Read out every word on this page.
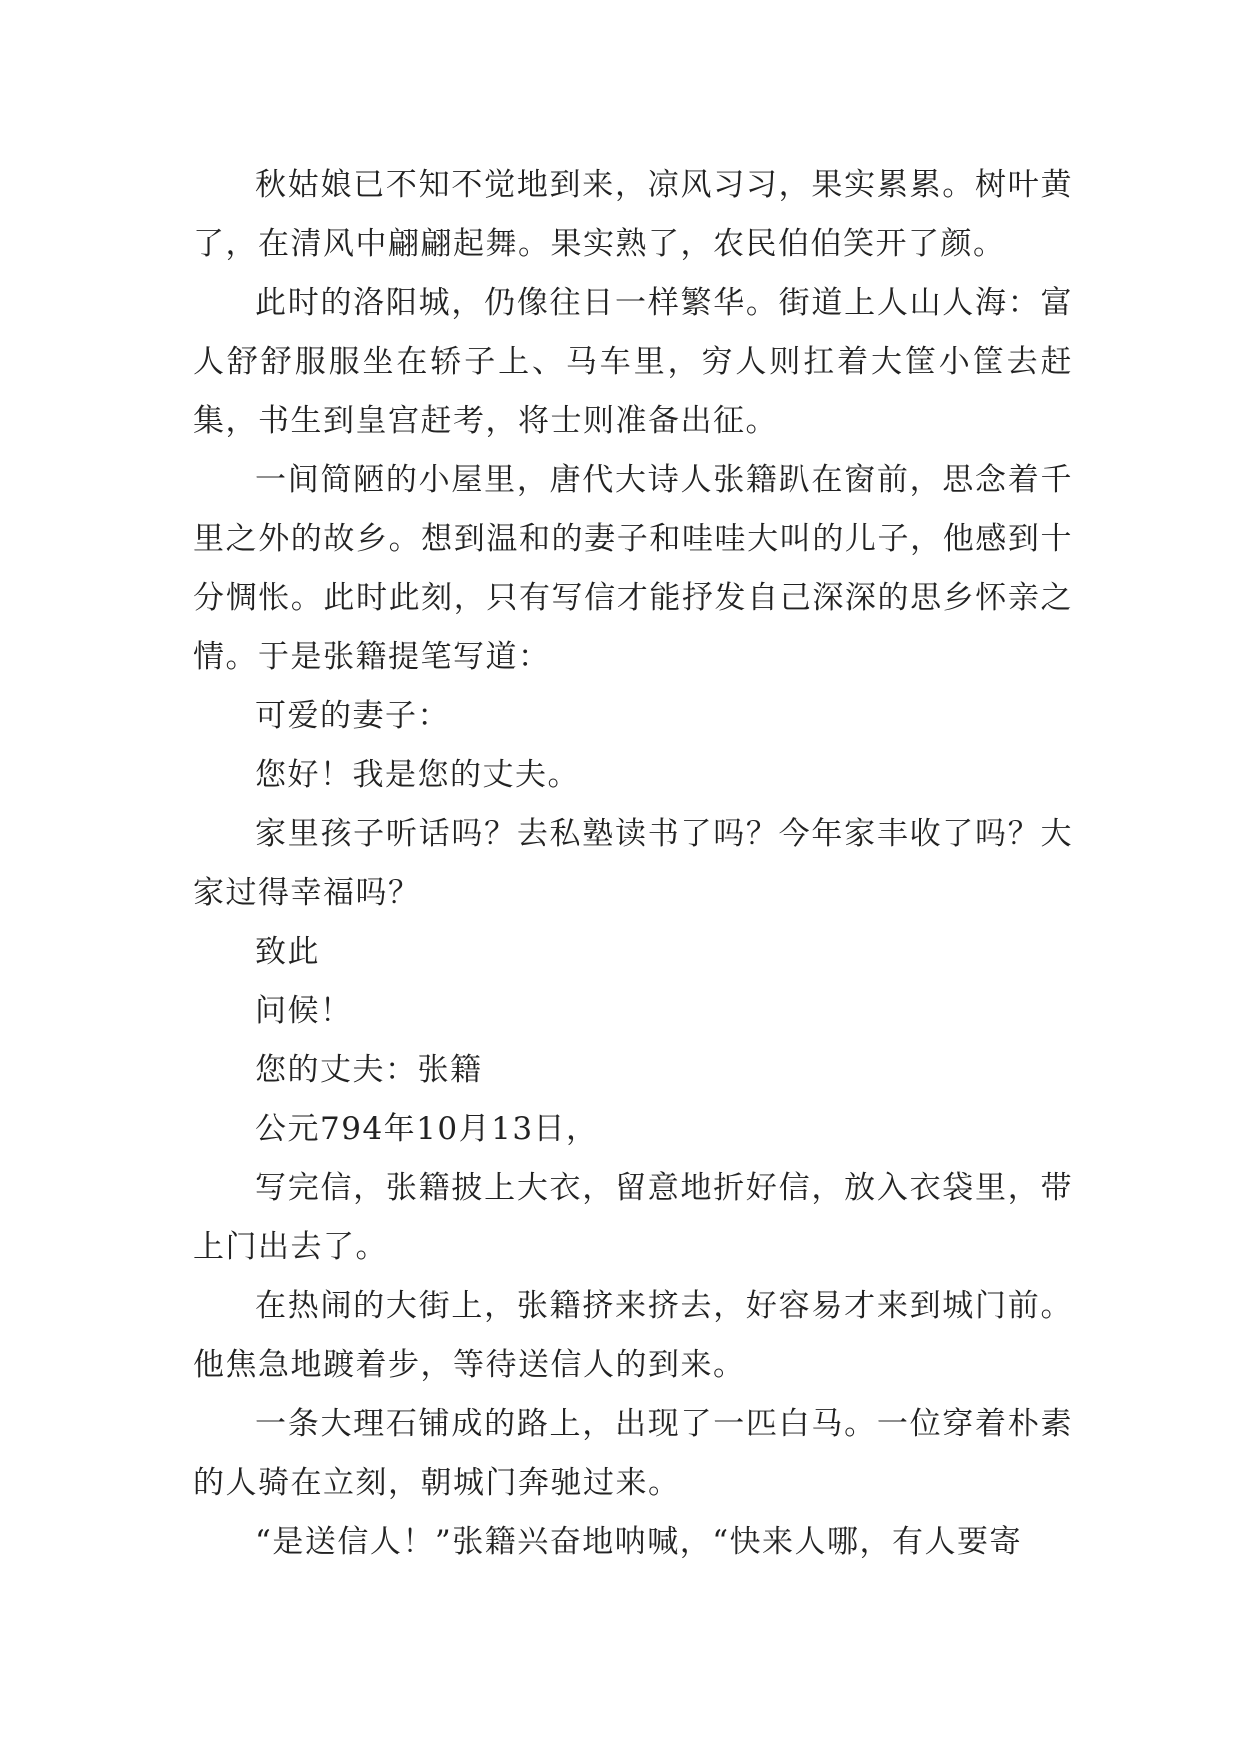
秋姑娘已不知不觉地到来，凉风习习，果实累累。树叶黄了，在清风中翩翩起舞。果实熟了，农民伯伯笑开了颜。

此时的洛阳城，仍像往日一样繁华。街道上人山人海：富人舒舒服服坐在轿子上、马车里，穷人则扛着大筐小筐去赶集，书生到皇宫赶考，将士则准备出征。

一间简陋的小屋里，唐代大诗人张籍趴在窗前，思念着千里之外的故乡。想到温和的妻子和哇哇大叫的儿子，他感到十分惆怅。此时此刻，只有写信才能抒发自己深深的思乡怀亲之情。于是张籍提笔写道：

可爱的妻子：

您好！我是您的丈夫。

家里孩子听话吗？去私塾读书了吗？今年家丰收了吗？大家过得幸福吗？

致此

问候！

您的丈夫：张籍

公元794年10月13日，

写完信，张籍披上大衣，留意地折好信，放入衣袋里，带上门出去了。

在热闹的大街上，张籍挤来挤去，好容易才来到城门前。他焦急地踱着步，等待送信人的到来。

一条大理石铺成的路上，出现了一匹白马。一位穿着朴素的人骑在立刻，朝城门奔驰过来。

“是送信人！”张籍兴奋地呐喊，“快来人哪，有人要寄
